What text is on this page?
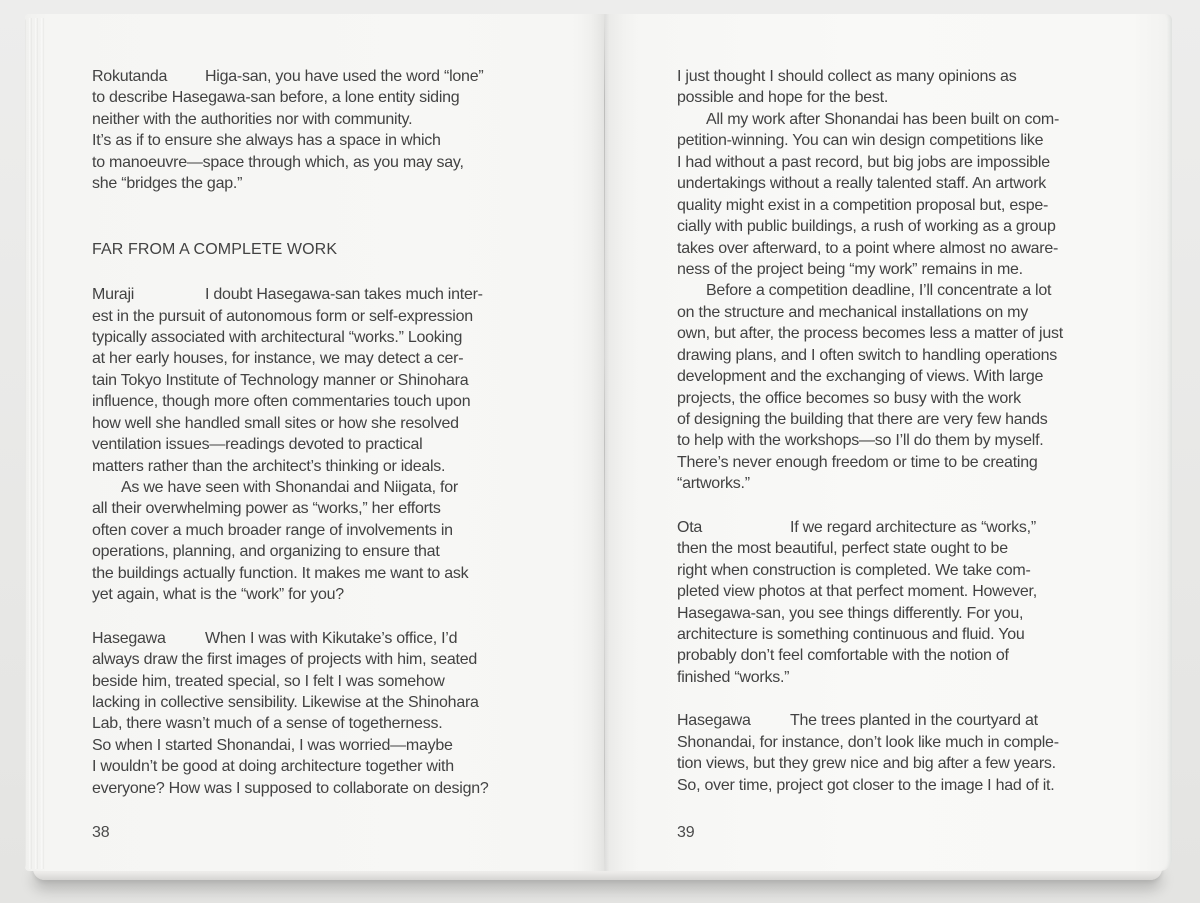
Rokutanda Higa-san, you have used the word “lone”
to describe Hasegawa-san before, a lone entity siding
neither with the authorities nor with community.
It’s as if to ensure she always has a space in which
to manoeuvre—space through which, as you may say,
she “bridges the gap.”
FAR FROM A COMPLETE WORK
Muraji	I doubt Hasegawa-san takes much inter-
est in the pursuit of autonomous form or self-expression
typically associated with architectural “works.” Looking
at her early houses, for instance, we may detect a cer-
tain Tokyo Institute of Technology manner or Shinohara
influence, though more often commentaries touch upon
how well she handled small sites or how she resolved
ventilation issues—readings devoted to practical
matters rather than the architect’s thinking or ideals.
As we have seen with Shonandai and Niigata, for
all their overwhelming power as “works,” her efforts
often cover a much broader range of involvements in
operations, planning, and organizing to ensure that
the buildings actually function. It makes me want to ask
yet again, what is the “work” for you?
Hasegawa When I was with Kikutake’s office, I’d
always draw the first images of projects with him, seated
beside him, treated special, so I felt I was somehow
lacking in collective sensibility. Likewise at the Shinohara
Lab, there wasn’t much of a sense of togetherness.
So when I started Shonandai, I was worried—maybe
I wouldn’t be good at doing architecture together with
everyone? How was I supposed to collaborate on design?
38
I just thought I should collect as many opinions as
possible and hope for the best.
All my work after Shonandai has been built on com-
petition-winning. You can win design competitions like
I had without a past record, but big jobs are impossible
undertakings without a really talented staff. An artwork
quality might exist in a competition proposal but, espe-
cially with public buildings, a rush of working as a group
takes over afterward, to a point where almost no aware-
ness of the project being “my work” remains in me.
Before a competition deadline, I’ll concentrate a lot
on the structure and mechanical installations on my
own, but after, the process becomes less a matter of just
drawing plans, and I often switch to handling operations
development and the exchanging of views. With large
projects, the office becomes so busy with the work
of designing the building that there are very few hands
to help with the workshops—so I’ll do them by myself.
There’s never enough freedom or time to be creating
“artworks.”
Ota	If we regard architecture as “works,”
then the most beautiful, perfect state ought to be
right when construction is completed. We take com-
pleted view photos at that perfect moment. However,
Hasegawa-san, you see things differently. For you,
architecture is something continuous and fluid. You
probably don’t feel comfortable with the notion of
finished “works.”
Hasegawa The trees planted in the courtyard at
Shonandai, for instance, don’t look like much in comple-
tion views, but they grew nice and big after a few years.
So, over time, project got closer to the image I had of it.
39
